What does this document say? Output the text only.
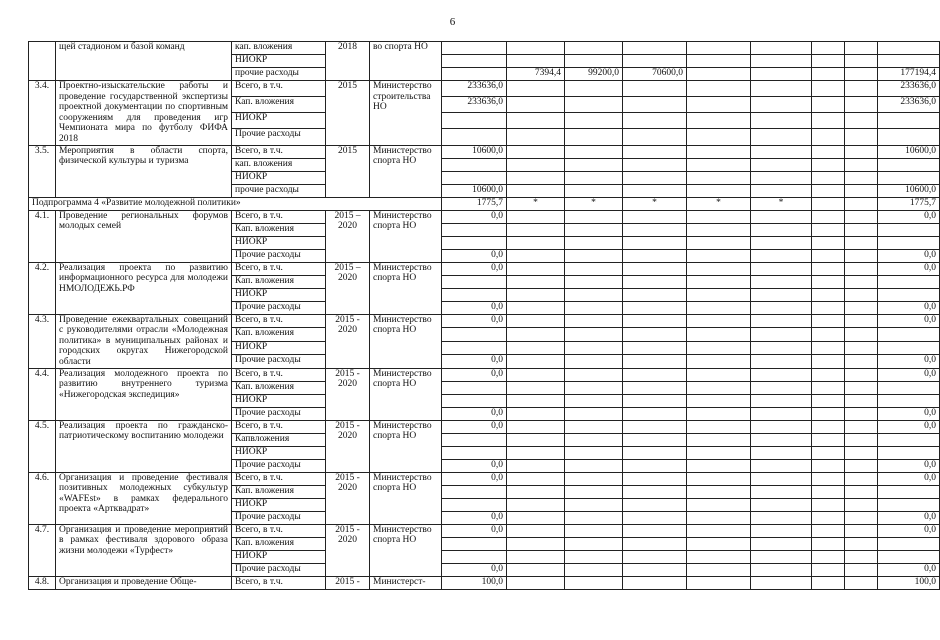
6
	щей стадионом и базой команд	кап. вложения	2018	во спорта НО									
		НИОКР											
		прочие расходы				7394,4	99200,0	70600,0					177194,4
3.4.	Проектно-изыскательские работы и проведение государственной экспертизы проектной документации по спортивным сооружениям для проведения игр Чемпионата мира по футболу ФИФА 2018	Всего, в т.ч.	2015	Министерство строительства НО	233636,0								233636,0
		Кап. вложения			233636,0								233636,0
		НИОКР											
		Прочие расходы											
3.5.	Мероприятия в области спорта, физической культуры и туризма	Всего, в т.ч.	2015	Министерство спорта НО	10600,0								10600,0
		кап. вложения											
		НИОКР											
		прочие расходы			10600,0								10600,0
Подпрограмма 4 «Развитие молодежной политики»					1775,7	*	*	*	*	*			1775,7
4.1.	Проведение региональных форумов молодых семей	Всего, в т.ч.	2015 – 2020	Министерство спорта НО	0,0								0,0
		Кап. вложения											
		НИОКР											
		Прочие расходы			0,0								0,0
4.2.	Реализация проекта по развитию информационного ресурса для молодежи НМОЛОДЕЖЬ.РФ	Всего, в т.ч.	2015 – 2020	Министерство спорта НО	0,0								0,0
		Кап. вложения											
		НИОКР											
		Прочие расходы			0,0								0,0
4.3.	Проведение ежеквартальных совещаний с руководителями отрасли «Молодежная политика» в муниципальных районах и городских округах Нижегородской области	Всего, в т.ч.	2015 - 2020	Министерство спорта НО	0,0								0,0
		Кап. вложения											
		НИОКР											
		Прочие расходы			0,0								0,0
4.4.	Реализация молодежного проекта по развитию внутреннего туризма «Нижегородская экспедиция»	Всего, в т.ч.	2015 - 2020	Министерство спорта НО	0,0								0,0
		Кап. вложения											
		НИОКР											
		Прочие расходы			0,0								0,0
4.5.	Реализация проекта по гражданско-патриотическому воспитанию молодежи	Всего, в т.ч.	2015 - 2020	Министерство спорта НО	0,0								0,0
		Капвложения											
		НИОКР											
		Прочие расходы			0,0								0,0
4.6.	Организация и проведение фестиваля позитивных молодежных субкультур «WAFEst» в рамках федерального проекта «Артквадрат»	Всего, в т.ч.	2015 - 2020	Министерство спорта НО	0,0								0,0
		Кап. вложения											
		НИОКР											
		Прочие расходы			0,0								0,0
4.7.	Организация и проведение мероприятий в рамках фестиваля здорового образа жизни молодежи «Турфест»	Всего, в т.ч.	2015 - 2020	Министерство спорта НО	0,0								0,0
		Кап. вложения											
		НИОКР											
		Прочие расходы			0,0								0,0
4.8.	Организация и проведение Обще-	Всего, в т.ч.	2015 -	Министерст-	100,0								100,0
